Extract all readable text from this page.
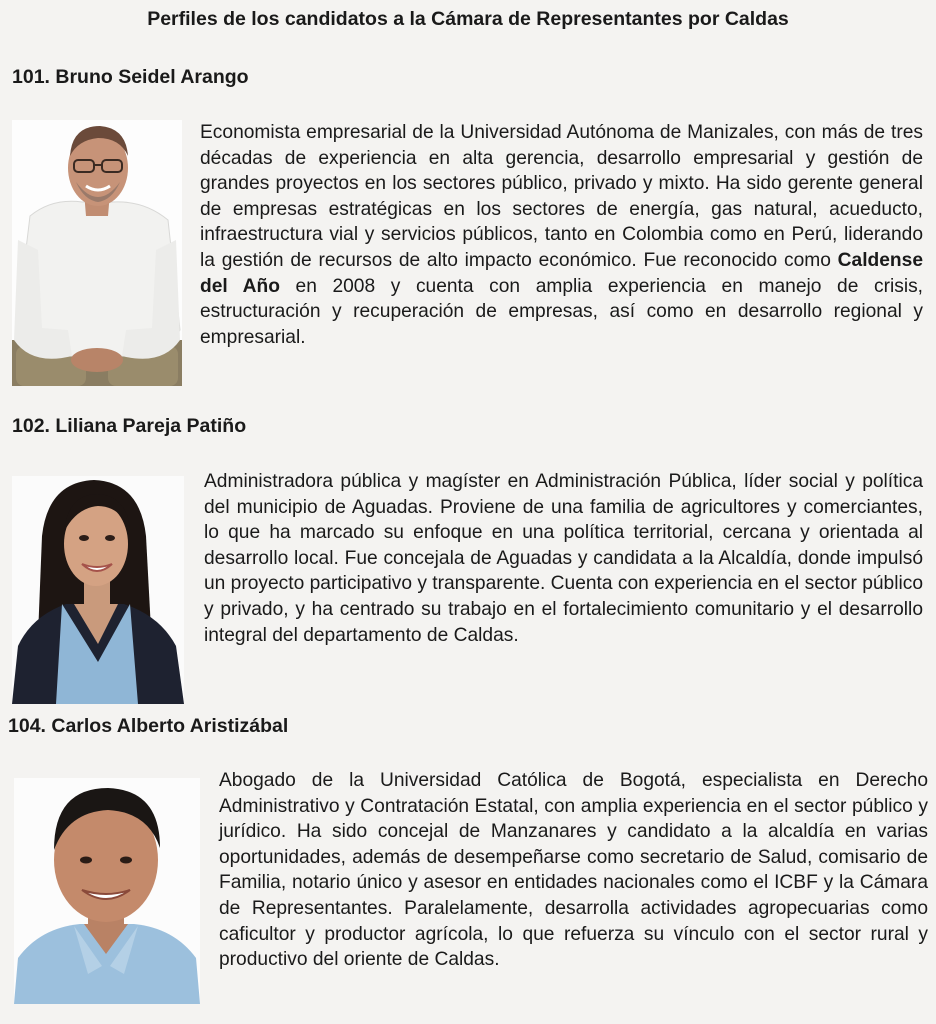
Perfiles de los candidatos a la Cámara de Representantes por Caldas
101. Bruno Seidel Arango

Economista empresarial de la Universidad Autónoma de Manizales, con más de tres décadas de experiencia en alta gerencia, desarrollo empresarial y gestión de grandes proyectos en los sectores público, privado y mixto. Ha sido gerente general de empresas estratégicas en los sectores de energía, gas natural, acueducto, infraestructura vial y servicios públicos, tanto en Colombia como en Perú, liderando la gestión de recursos de alto impacto económico. Fue reconocido como Caldense del Año en 2008 y cuenta con amplia experiencia en manejo de crisis, estructuración y recuperación de empresas, así como en desarrollo regional y empresarial.

102. Liliana Pareja Patiño

Administradora pública y magíster en Administración Pública, líder social y política del municipio de Aguadas. Proviene de una familia de agricultores y comerciantes, lo que ha marcado su enfoque en una política territorial, cercana y orientada al desarrollo local. Fue concejala de Aguadas y candidata a la Alcaldía, donde impulsó un proyecto participativo y transparente. Cuenta con experiencia en el sector público y privado, y ha centrado su trabajo en el fortalecimiento comunitario y el desarrollo integral del departamento de Caldas.

104. Carlos Alberto Aristizábal

Abogado de la Universidad Católica de Bogotá, especialista en Derecho Administrativo y Contratación Estatal, con amplia experiencia en el sector público y jurídico. Ha sido concejal de Manzanares y candidato a la alcaldía en varias oportunidades, además de desempeñarse como secretario de Salud, comisario de Familia, notario único y asesor en entidades nacionales como el ICBF y la Cámara de Representantes. Paralelamente, desarrolla actividades agropecuarias como caficultor y productor agrícola, lo que refuerza su vínculo con el sector rural y productivo del oriente de Caldas.
